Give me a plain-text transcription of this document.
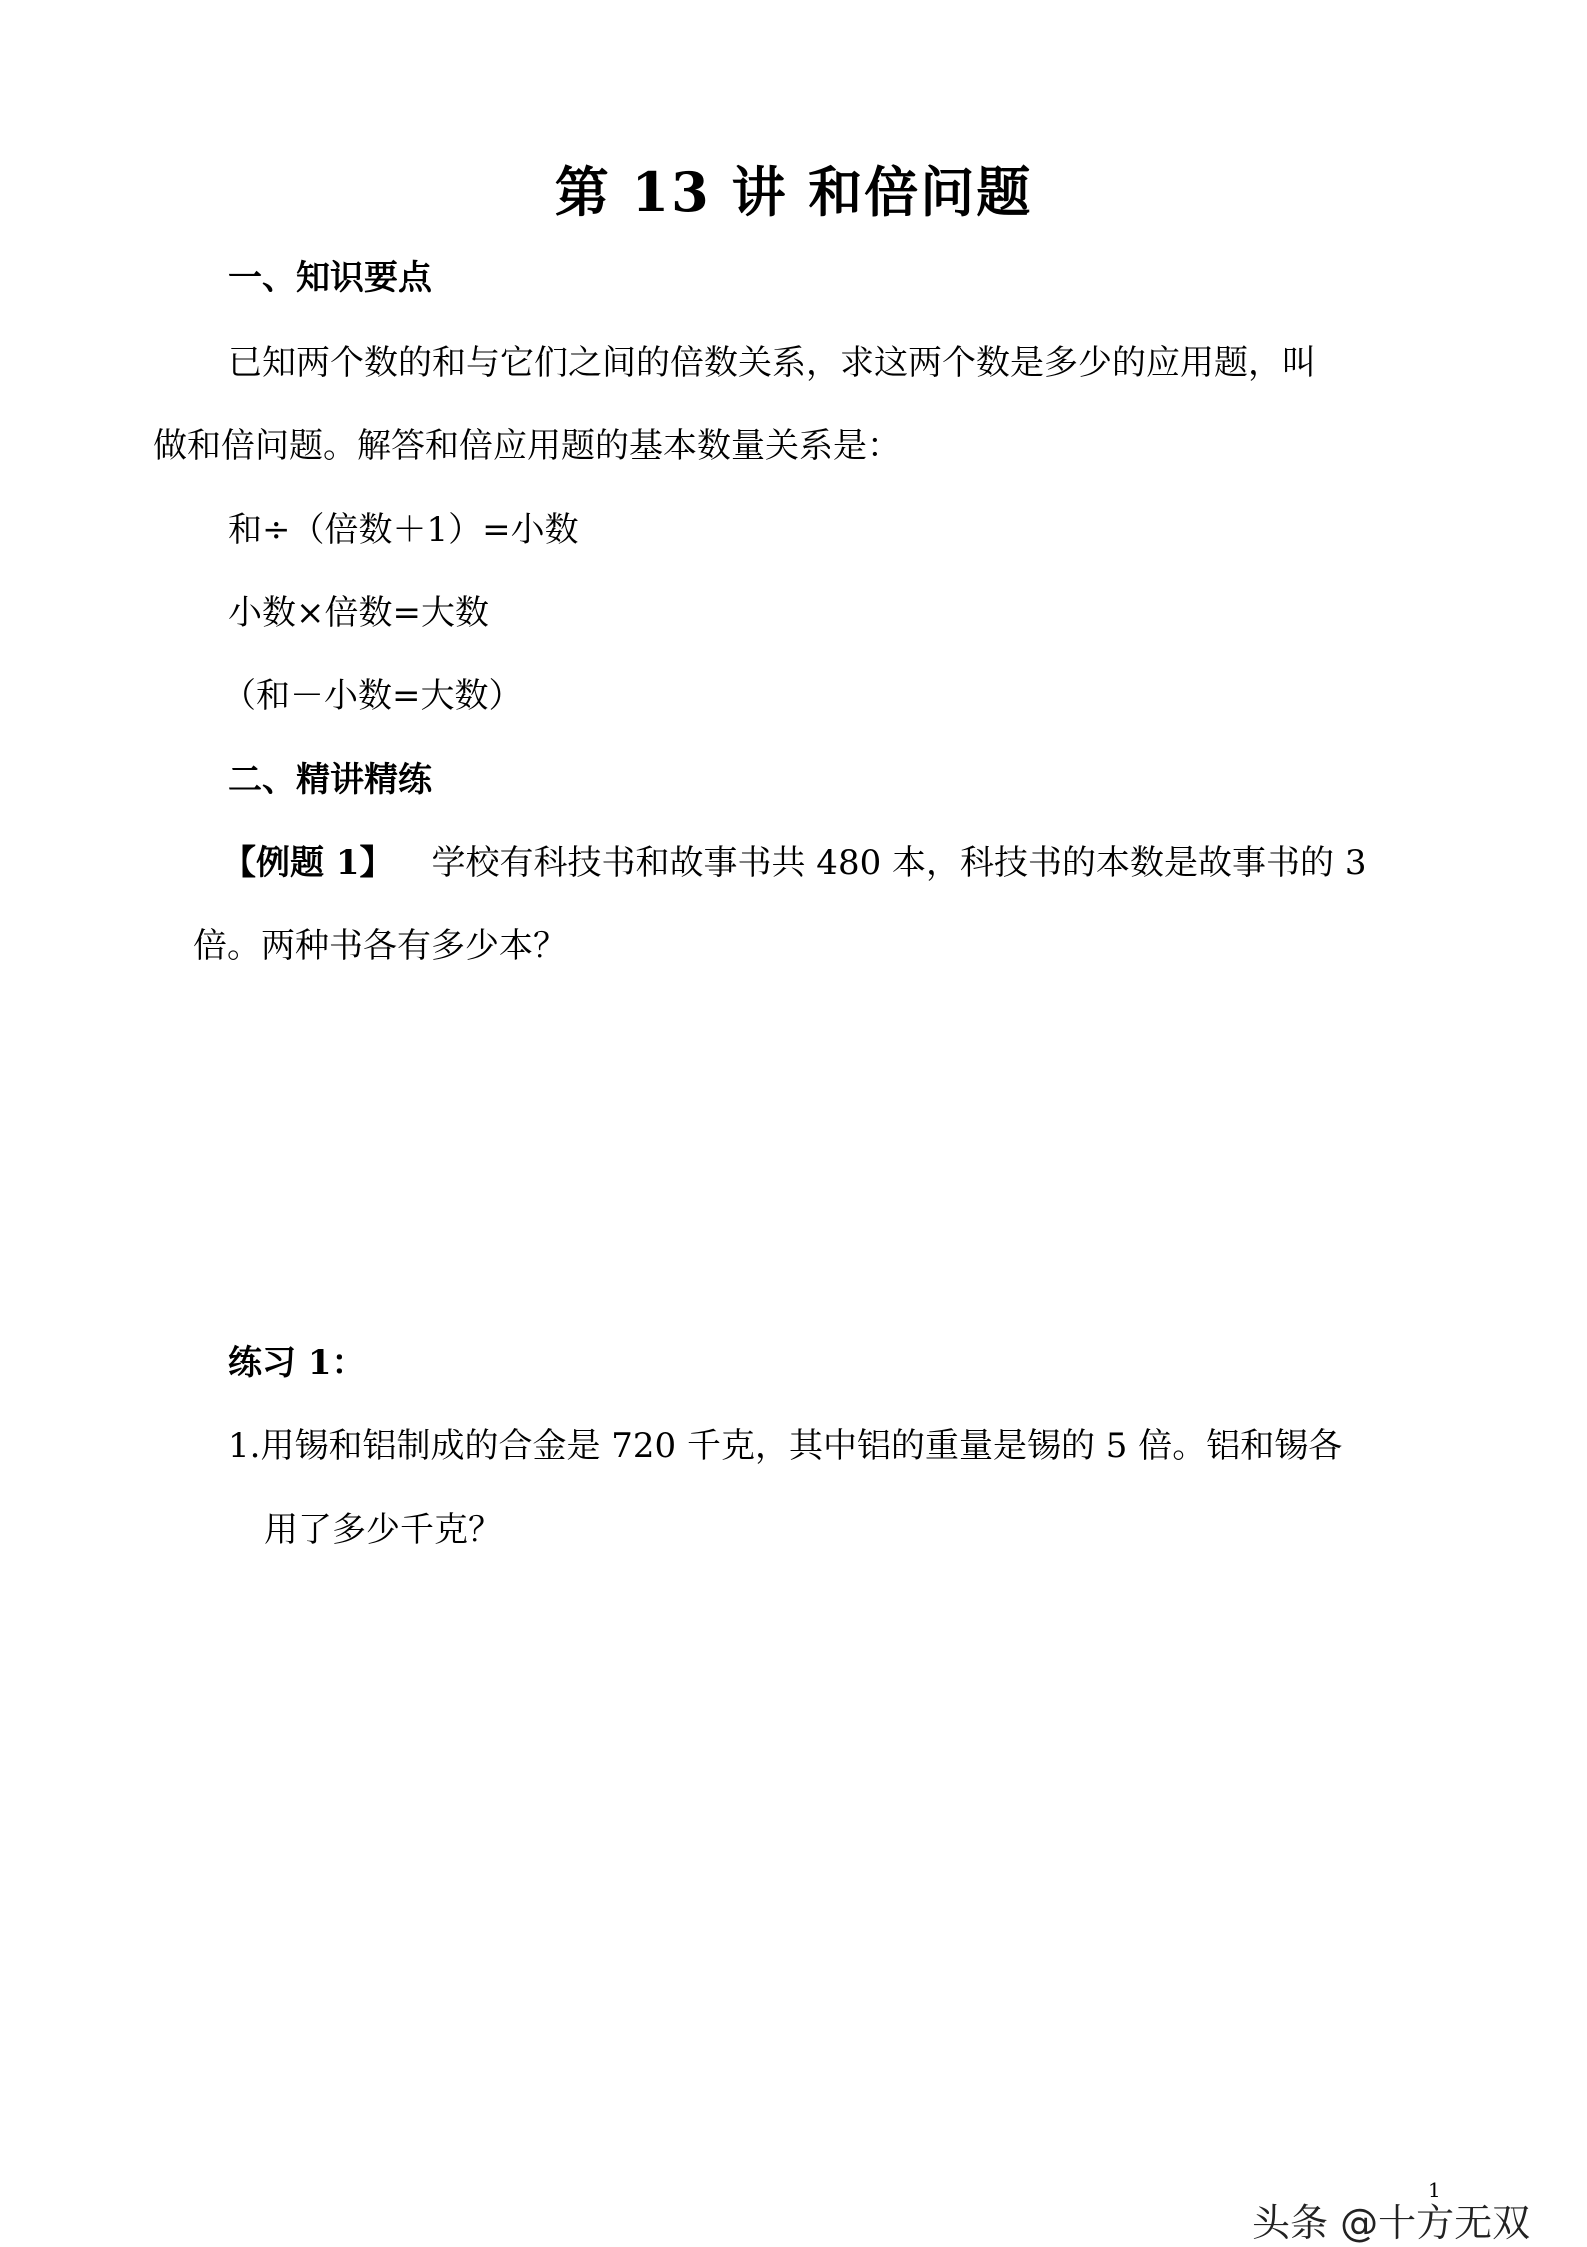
第 13 讲 和倍问题
一、知识要点
已知两个数的和与它们之间的倍数关系，求这两个数是多少的应用题，叫
做和倍问题。解答和倍应用题的基本数量关系是：
和÷（倍数＋1）=小数
小数×倍数=大数
（和－小数=大数）
二、精讲精练
【例题 1】 学校有科技书和故事书共 480 本，科技书的本数是故事书的 3
倍。两种书各有多少本？
练习 1：
1.用锡和铝制成的合金是 720 千克，其中铝的重量是锡的 5 倍。铝和锡各
用了多少千克？
1
头条 @十方无双
